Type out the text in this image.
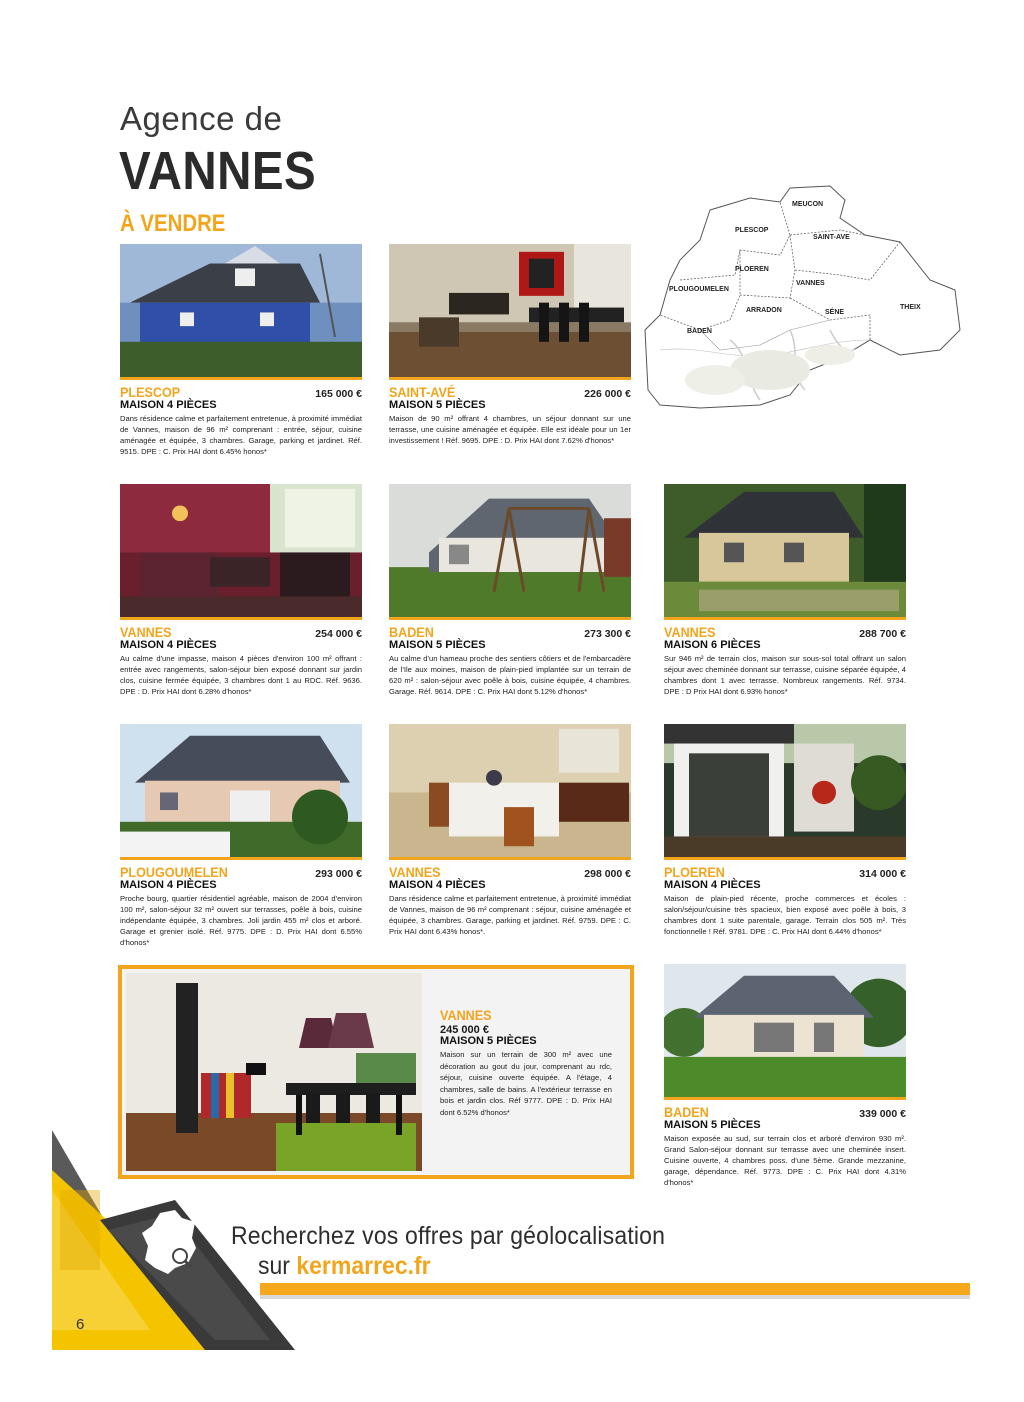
Agence de
VANNES
À VENDRE
MEUCON
PLESCOP
SAINT-AVE
PLOEREN
VANNES
PLOUGOUMELEN
ARRADON	SÉNE
THEIX
BADEN
PLESCOP	165 000 €
MAISON 4 PIÈCES
Dans résidence calme et parfaitement entretenue, à proximité immédiat de Vannes, maison de 96 m² comprenant : entrée, séjour, cuisine aménagée et équipée, 3 chambres. Garage, parking et jardinet. Réf. 9515. DPE : C. Prix HAI dont 6.45% honos*
SAINT-AVÉ	226 000 €
MAISON 5 PIÈCES
Maison de 90 m² offrant 4 chambres, un séjour donnant sur une terrasse, une cuisine aménagée et équipée. Elle est idéale pour un 1er investissement ! Réf. 9695. DPE : D. Prix HAI dont 7.62% d'honos*
VANNES	254 000 €
MAISON 4 PIÈCES
Au calme d'une impasse, maison 4 pièces d'environ 100 m² offrant : entrée avec rangements, salon-séjour bien exposé donnant sur jardin clos, cuisine fermée équipée, 3 chambres dont 1 au RDC. Réf. 9636. DPE : D. Prix HAI dont 6.28% d'honos*
BADEN	273 300 €
MAISON 5 PIÈCES
Au calme d'un hameau proche des sentiers côtiers et de l'embarcadère de l'Ile aux moines, maison de plain-pied implantée sur un terrain de 620 m² : salon-séjour avec poêle à bois, cuisine équipée, 4 chambres. Garage. Réf. 9614. DPE : C. Prix HAI dont 5.12% d'honos*
VANNES	288 700 €
MAISON 6 PIÈCES
Sur 946 m² de terrain clos, maison sur sous-sol total offrant un salon séjour avec cheminée donnant sur terrasse, cuisine séparée équipée, 4 chambres dont 1 avec terrasse. Nombreux rangements. Réf. 9734. DPE : D Prix HAI dont 6.93% honos*
PLOUGOUMELEN	293 000 €
MAISON 4 PIÈCES
Proche bourg, quartier résidentiel agréable, maison de 2004 d'environ 100 m², salon-séjour 32 m² ouvert sur terrasses, poêle à bois, cuisine indépendante équipée, 3 chambres. Joli jardin 455 m² clos et arboré. Garage et grenier isolé. Réf. 9775. DPE : D. Prix HAI dont 6.55% d'honos*
VANNES	298 000 €
MAISON 4 PIÈCES
Dans résidence calme et parfaitement entretenue, à proximité immédiat de Vannes, maison de 96 m² comprenant : séjour, cuisine aménagée et équipée, 3 chambres. Garage, parking et jardinet. Réf. 9759. DPE : C. Prix HAI dont 6.43% honos*.
PLOEREN	314 000 €
MAISON 4 PIÈCES
Maison de plain-pied récente, proche commerces et écoles : salon/séjour/cuisine très spacieux, bien exposé avec poêle à bois, 3 chambres dont 1 suite parentale, garage. Terrain clos 505 m². Très fonctionnelle ! Réf. 9781. DPE : C. Prix HAI dont 6.44% d'honos*
VANNES
245 000 €
MAISON 5 PIÈCES
Maison sur un terrain de 300 m² avec une décoration au gout du jour, comprenant au rdc, séjour, cuisine ouverte équipée. A l'étage, 4 chambres, salle de bains. A l'extérieur terrasse en bois et jardin clos. Réf 9777. DPE : D. Prix HAI dont 6.52% d'honos*	BADEN	339 000 €
MAISON 5 PIÈCES
Maison exposée au sud, sur terrain clos et arboré d'environ 930 m². Grand Salon-séjour donnant sur terrasse avec une cheminée insert. Cuisine ouverte, 4 chambres poss. d'une 5ème. Grande mezzanine, garage, dépendance. Réf. 9773. DPE : C. Prix HAI dont 4.31% d'honos*
Recherchez vos offres par géolocalisation
sur kermarrec.fr
6
